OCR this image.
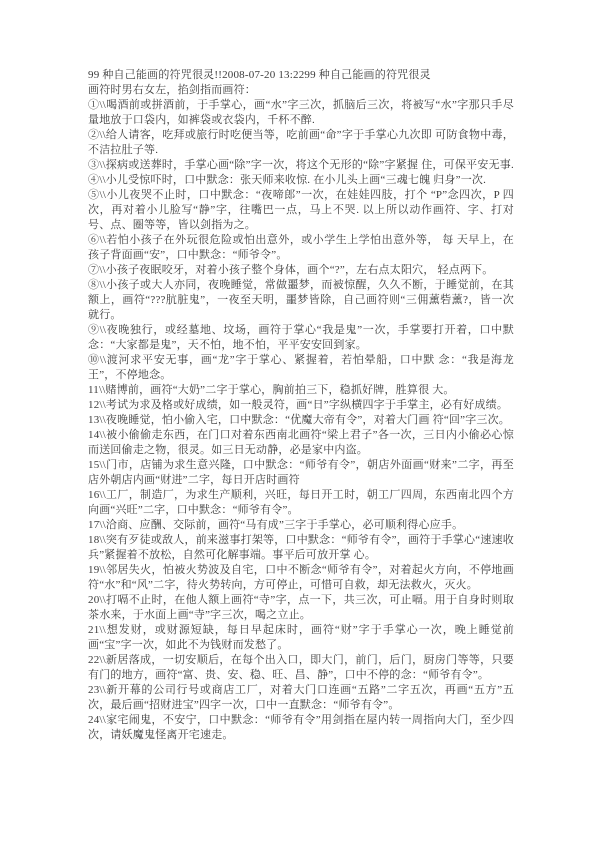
99 种自己能画的符咒很灵!!2008-07-20 13:2299 种自己能画的符咒很灵

画符时男右女左，掐剑指而画符：

①\\喝酒前或拼酒前，于手掌心，画“水”字三次，抓脑后三次，将被写“水”字那只手尽量地放于口袋内，如裤袋或衣袋内，千杯不醉.

②\\给人请客，吃拜或旅行时吃便当等，吃前画“命”字于手掌心九次即 可防食物中毒，不洁拉肚子等.

③\\探病或送葬时，手掌心画“除”字一次，将这个无形的“除”字紧握 住，可保平安无事. ④\\小儿受惊吓时，口中默念：张天师来收惊. 在小儿头上画“三魂七魄 归身”一次.

⑤\\小儿夜哭不止时，口中默念：“夜啼郎”一次，在娃娃四肢，打个 “P”念四次，P 四次，再对着小儿脸写“静”字，往嘴巴一点，马上不哭. 以上所以动作画符、字、打对号、点、圈等等，皆以剑指为之。

⑥\\若怕小孩子在外玩很危险或怕出意外，或小学生上学怕出意外等， 每 天早上，在孩子背面画“安”，口中默念：“师爷令”。

⑦\\小孩子夜眠咬牙，对着小孩子整个身体，画个“?”，左右点太阳穴， 轻点两下。

⑧\\小孩子或大人亦同，夜晚睡觉，常做噩梦，而被惊醒，久久不断，于睡觉前，在其额上，画符“???肮脏鬼”，一夜至天明，噩梦皆除，自己画符则“三佣薰砦薰?，皆一次就行。

⑨\\夜晚独行，或经墓地、坟场，画符于掌心“我是鬼”一次，手掌要打开着，口中默念：“大家都是鬼”，天不怕，地不怕，平平安安回到家。

⑩\\渡河求平安无事，画“龙”字于掌心、紧握着，若怕晕船，口中默 念：“我是海龙王”，不停地念。

11\\赌博前，画符“大奶”二字于掌心，胸前拍三下，稳抓好牌，胜算很 大。

12\\考试为求及格或好成绩，如一般灵符，画“日”字纵横四字于手掌主，必有好成绩。

13\\夜晚睡觉，怕小偷入宅，口中默念：“优魔大帝有令”，对着大门画 符“回”字三次。

14\\被小偷偷走东西，在门口对着东西南北画符“梁上君子”各一次，三日内小偷必心惊而送回偷走之物，很灵。如三日无动静，必是家中内盗。

15\\门市，店铺为求生意兴隆，口中默念：“师爷有令”，朝店外面画“财来”二字，再至店外朝店内画“财进”二字，每日开店时画符

16\\工厂，制造厂，为求生产顺利，兴旺，每日开工时，朝工厂四周，东西南北四个方向画“兴旺”二字，口中默念：“师爷有令”。

17\\洽商、应酬、交际前，画符“马有成”三字于手掌心，必可顺利得心应手。

18\\突有歹徒或敌人，前来滋事打架等，口中默念：“师爷有令”，画符于手掌心“速速收兵”紧握着不放松，自然可化解事端。事平后可放开掌 心。

19\\邻居失火，怕被火势波及自宅，口中不断念“师爷有令”，对着起火方向，不停地画符“水”和“风”二字，待火势转向，方可停止，可惜可自救，却无法救火，灭火。

20\\打嗝不止时，在他人额上画符“寺”字，点一下，共三次，可止嗝。用于自身时则取茶水来，于水面上画“寺”字三次，喝之立止。

21\\想发财，或财源短缺，每日早起床时，画符“财”字于手掌心一次，晚上睡觉前画“宝”字一次，如此不为钱财而发愁了。

22\\新居落成，一切安顺后，在每个出入口，即大门，前门，后门，厨房门等等，只要有门的地方，画符“富、贵、安、稳、旺、昌、静”，口中不停的念：“师爷有令”。

23\\新开幕的公司行号或商店工厂，对着大门口连画“五路”二字五次，再画“五方”五次，最后画“招财进宝”四字一次，口中一直默念：“师爷有令”。

24\\家宅闹鬼，不安宁，口中默念：“师爷有令”用剑指在屋内转一周指向大门，至少四次，请妖魔鬼怪离开宅速走。
